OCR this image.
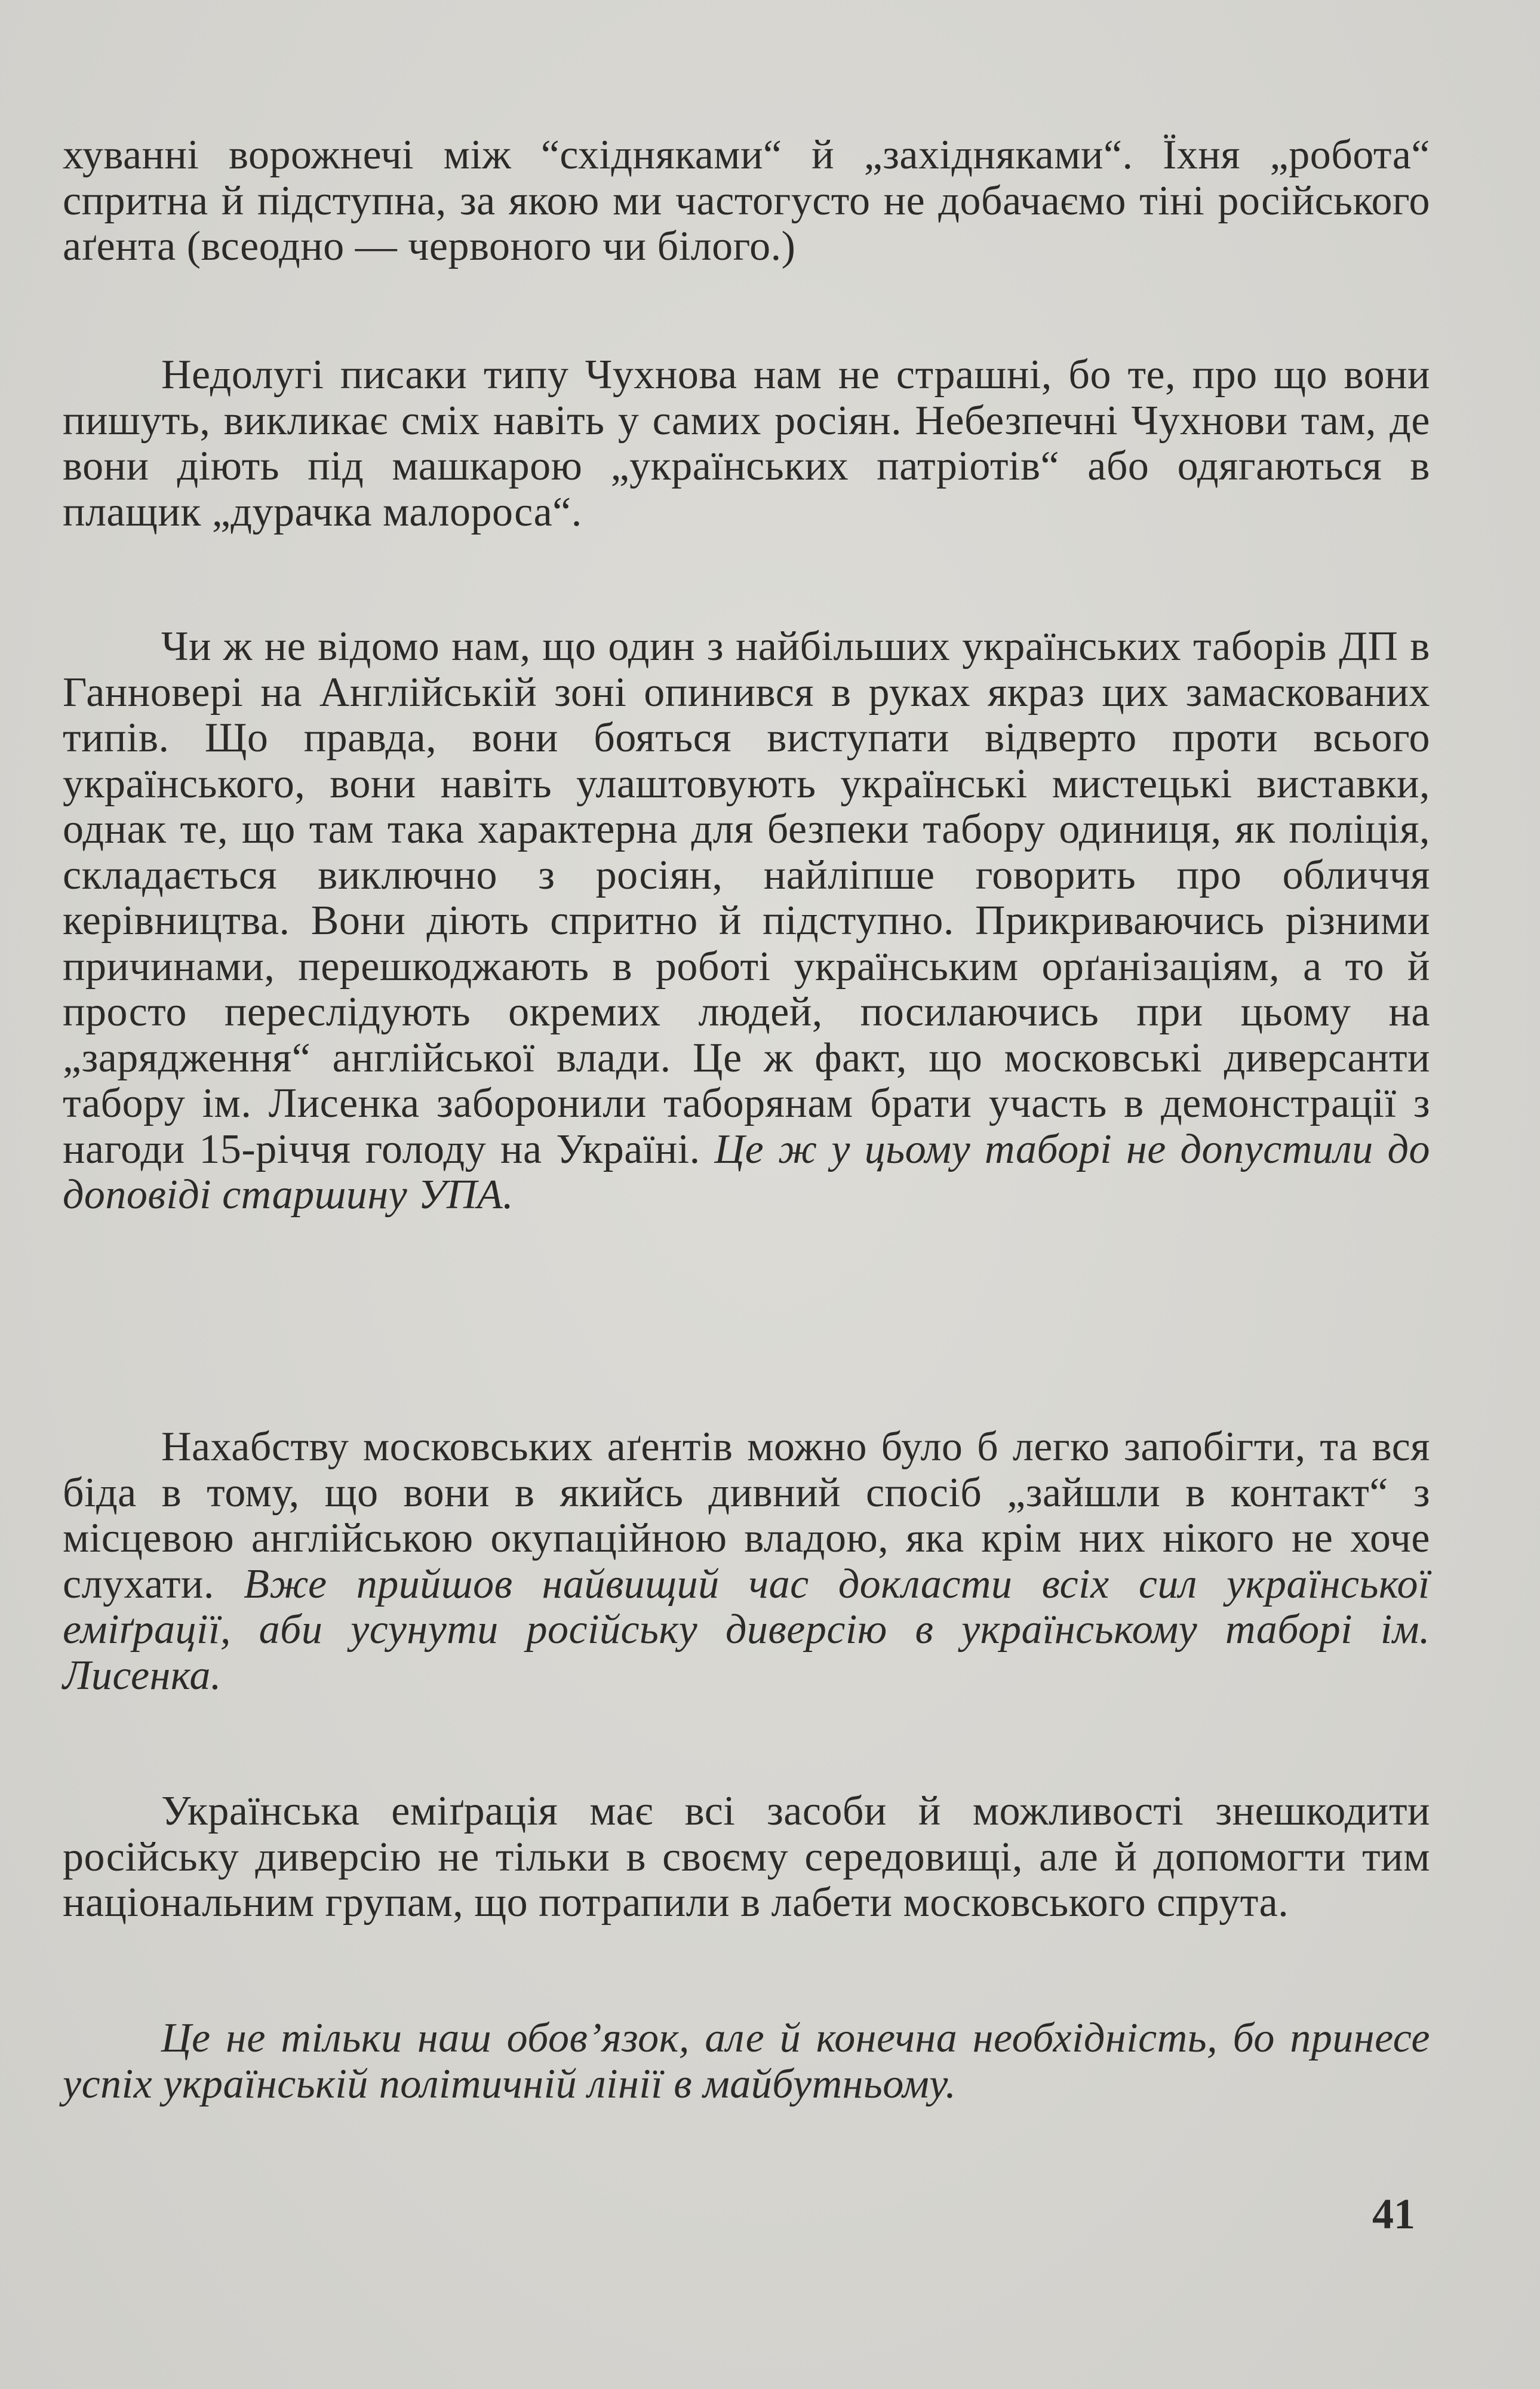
хуванні ворожнечі між “східняками“ й „західняками“. Їхня „робота“ спритна й підступна, за якою ми частогусто не добачаємо тіні російського аґента (всеодно — червоного чи білого.)

Недолугі писаки типу Чухнова нам не страшні, бо те, про що вони пишуть, викликає сміх навіть у самих росіян. Небезпечні Чухнови там, де вони діють під машкарою „українських патріотів“ або одягаються в плащик „дурачка малороса“.

Чи ж не відомо нам, що один з найбільших українських таборів ДП в Ганновері на Англійській зоні опинився в руках якраз цих замаскованих типів. Що правда, вони бояться виступати відверто проти всього українського, вони навіть улаштовують українські мистецькі виставки, однак те, що там така характерна для безпеки табору одиниця, як поліція, складається виключно з росіян, найліпше говорить про обличчя керівництва. Вони діють спритно й підступно. Прикриваючись різними причинами, перешкоджають в роботі українським орґанізаціям, а то й просто переслідують окремих людей, посилаючись при цьому на „зарядження“ англійської влади. Це ж факт, що московські диверсанти табору ім. Лисенка заборонили таборянам брати участь в демонстрації з нагоди 15-річчя голоду на Україні. Це ж у цьому таборі не допустили до доповіді старшину УПА.

Нахабству московських аґентів можно було б легко запобігти, та вся біда в тому, що вони в якийсь дивний спосіб „зайшли в контакт“ з місцевою англійською окупаційною владою, яка крім них нікого не хоче слухати. Вже прийшов найвищий час докласти всіх сил української еміґрації, аби усунути російську диверсію в українському таборі ім. Лисенка.

Українська еміґрація має всі засоби й можливості знешкодити російську диверсію не тільки в своєму середовищі, але й допомогти тим національним групам, що потрапили в лабети московського спрута.

Це не тільки наш обов’язок, але й конечна необхідність, бо принесе успіх українській політичній лінії в майбутньому.

41
